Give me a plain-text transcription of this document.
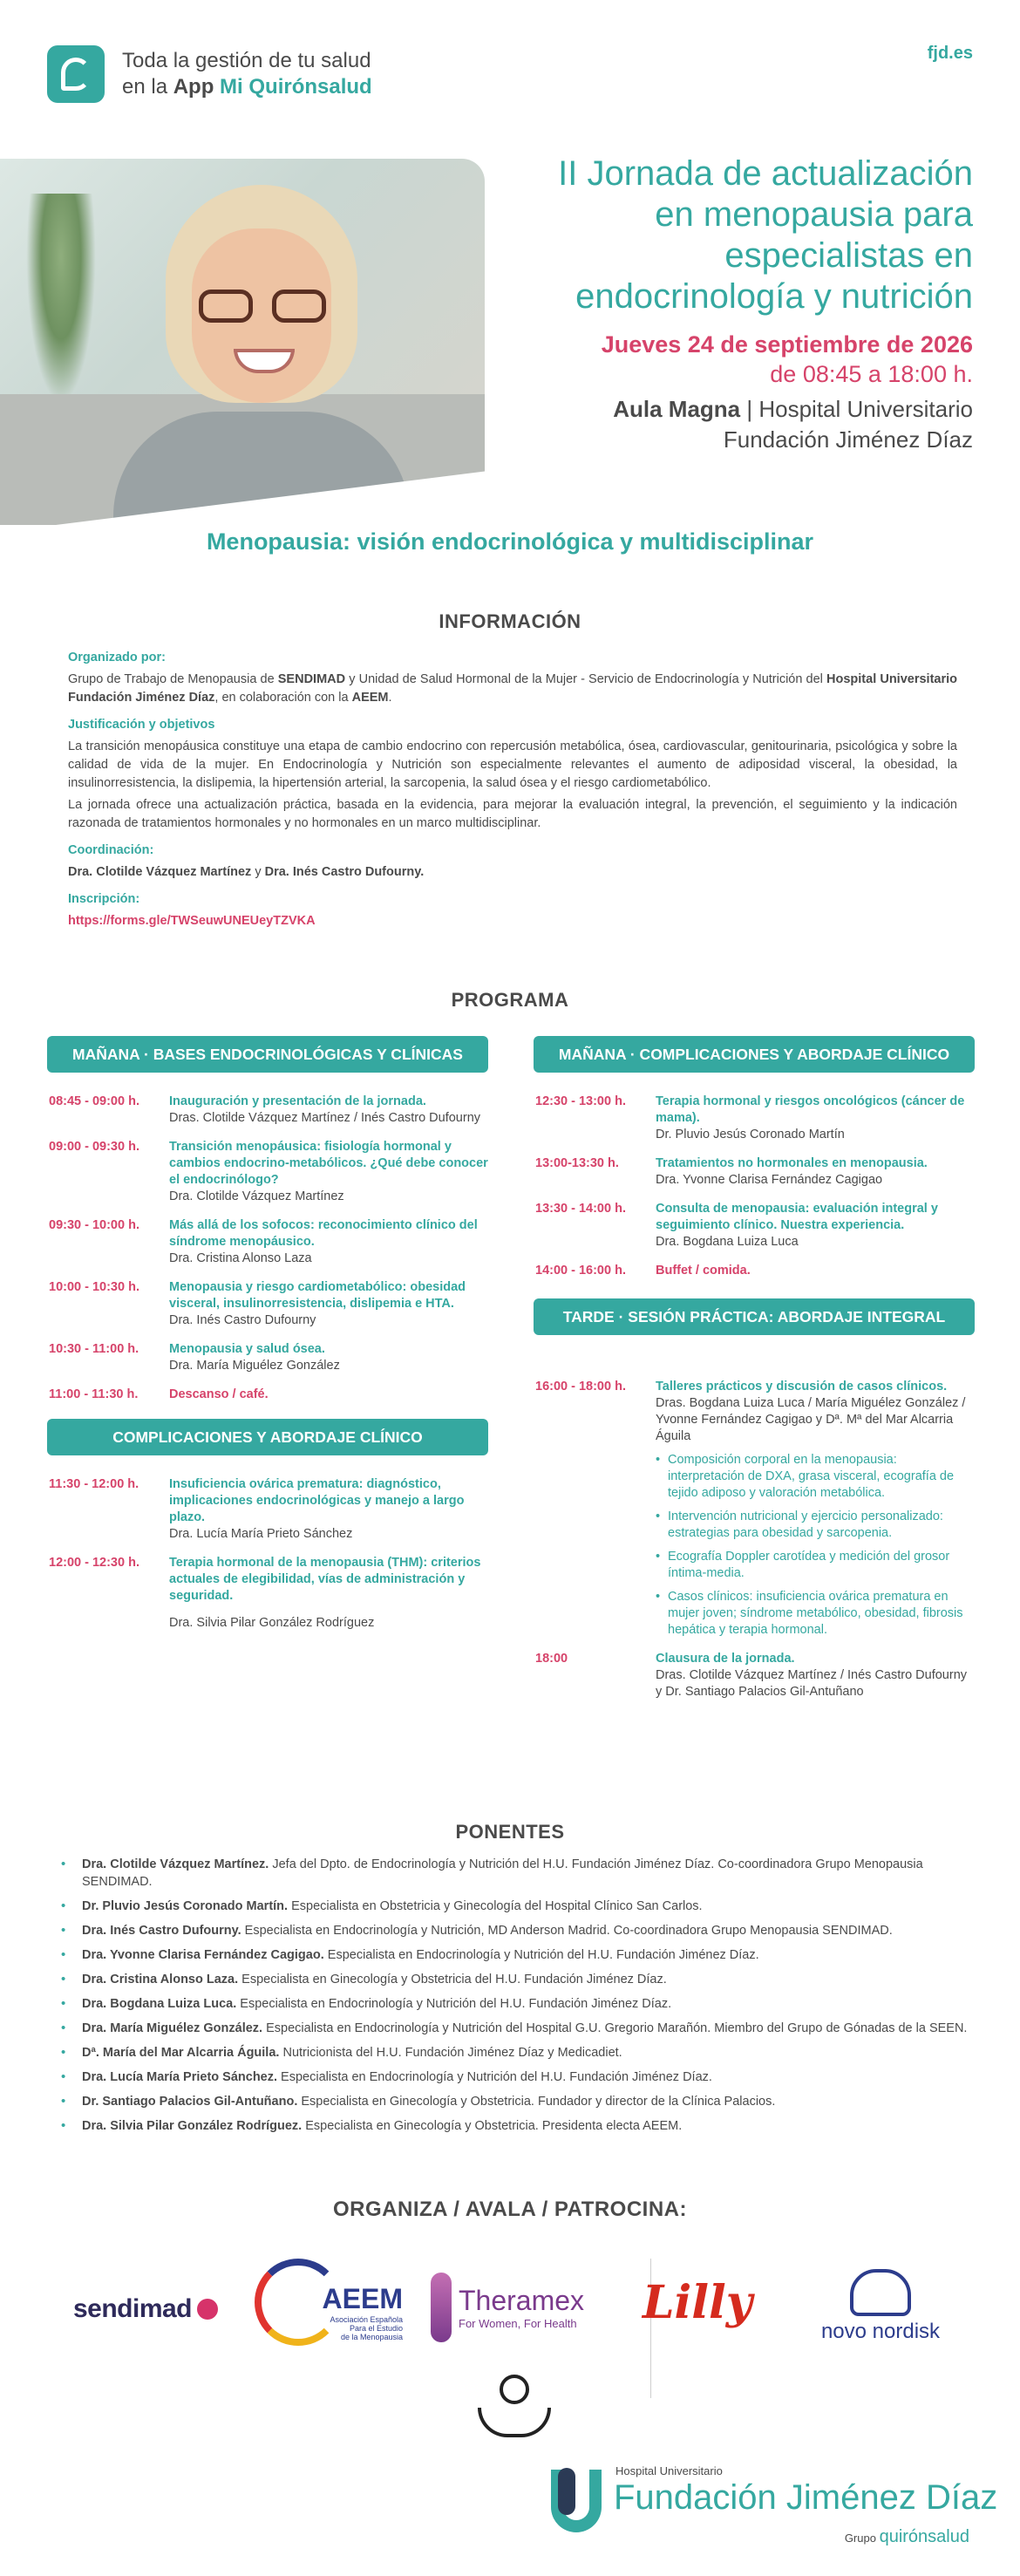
Toda la gestión de tu salud
en la App Mi Quirónsalud
fjd.es
II Jornada de actualización
en menopausia para
especialistas en
endocrinología y nutrición
Jueves 24 de septiembre de 2026
de 08:45 a 18:00 h.
Aula Magna | Hospital Universitario
Fundación Jiménez Díaz
Menopausia: visión endocrinológica y multidisciplinar
INFORMACIÓN
Organizado por:

Grupo de Trabajo de Menopausia de SENDIMAD y Unidad de Salud Hormonal de la Mujer - Servicio de Endocrinología y Nutrición del Hospital Universitario Fundación Jiménez Díaz, en colaboración con la AEEM.

Justificación y objetivos

La transición menopáusica constituye una etapa de cambio endocrino con repercusión metabólica, ósea, cardiovascular, genitourinaria, psicológica y sobre la calidad de vida de la mujer. En Endocrinología y Nutrición son especialmente relevantes el aumento de adiposidad visceral, la obesidad, la insulinorresistencia, la dislipemia, la hipertensión arterial, la sarcopenia, la salud ósea y el riesgo cardiometabólico.

La jornada ofrece una actualización práctica, basada en la evidencia, para mejorar la evaluación integral, la prevención, el seguimiento y la indicación razonada de tratamientos hormonales y no hormonales en un marco multidisciplinar.

Coordinación:

Dra. Clotilde Vázquez Martínez y Dra. Inés Castro Dufourny.

Inscripción:
https://forms.gle/TWSeuwUNEUeyTZVKA
PROGRAMA
MAÑANA · BASES ENDOCRINOLÓGICAS Y CLÍNICAS
08:45 - 09:00 h.	Inauguración y presentación de la jornada.
Dras. Clotilde Vázquez Martínez / Inés Castro Dufourny
09:00 - 09:30 h.	Transición menopáusica: fisiología hormonal y cambios endocrino-metabólicos. ¿Qué debe conocer el endocrinólogo?
Dra. Clotilde Vázquez Martínez
09:30 - 10:00 h.	Más allá de los sofocos: reconocimiento clínico del síndrome menopáusico.
Dra. Cristina Alonso Laza
10:00 - 10:30 h.	Menopausia y riesgo cardiometabólico: obesidad visceral, insulinorresistencia, dislipemia e HTA.
Dra. Inés Castro Dufourny
10:30 - 11:00 h.	Menopausia y salud ósea.
Dra. María Miguélez González
11:00 - 11:30 h.	Descanso / café.
COMPLICACIONES Y ABORDAJE CLÍNICO
11:30 - 12:00 h.	Insuficiencia ovárica prematura: diagnóstico, implicaciones endocrinológicas y manejo a largo plazo.
Dra. Lucía María Prieto Sánchez
12:00 - 12:30 h.	Terapia hormonal de la menopausia (THM): criterios actuales de elegibilidad, vías de administración y seguridad.
Dra. Silvia Pilar González Rodríguez
MAÑANA · COMPLICACIONES Y ABORDAJE CLÍNICO
12:30 - 13:00 h.	Terapia hormonal y riesgos oncológicos (cáncer de mama).
Dr. Pluvio Jesús Coronado Martín
13:00-13:30 h.	Tratamientos no hormonales en menopausia.
Dra. Yvonne Clarisa Fernández Cagigao
13:30 - 14:00 h.	Consulta de menopausia: evaluación integral y seguimiento clínico. Nuestra experiencia.
Dra. Bogdana Luiza Luca
14:00 - 16:00 h.	Buffet / comida.
TARDE · SESIÓN PRÁCTICA: ABORDAJE INTEGRAL
16:00 - 18:00 h.	Talleres prácticos y discusión de casos clínicos.
Dras. Bogdana Luiza Luca / María Miguélez González / Yvonne Fernández Cagigao y Dª. Mª del Mar Alcarria Águila
• Composición corporal en la menopausia: interpretación de DXA, grasa visceral, ecografía de tejido adiposo y valoración metabólica.
• Intervención nutricional y ejercicio personalizado: estrategias para obesidad y sarcopenia.
• Ecografía Doppler carotídea y medición del grosor íntima-media.
• Casos clínicos: insuficiencia ovárica prematura en mujer joven; síndrome metabólico, obesidad, fibrosis hepática y terapia hormonal.
18:00	Clausura de la jornada.
Dras. Clotilde Vázquez Martínez / Inés Castro Dufourny y Dr. Santiago Palacios Gil-Antuñano
PONENTES
• Dra. Clotilde Vázquez Martínez. Jefa del Dpto. de Endocrinología y Nutrición del H.U. Fundación Jiménez Díaz. Co-coordinadora Grupo Menopausia SENDIMAD.
• Dr. Pluvio Jesús Coronado Martín. Especialista en Obstetricia y Ginecología del Hospital Clínico San Carlos.
• Dra. Inés Castro Dufourny. Especialista en Endocrinología y Nutrición, MD Anderson Madrid. Co-coordinadora Grupo Menopausia SENDIMAD.
• Dra. Yvonne Clarisa Fernández Cagigao. Especialista en Endocrinología y Nutrición del H.U. Fundación Jiménez Díaz.
• Dra. Cristina Alonso Laza. Especialista en Ginecología y Obstetricia del H.U. Fundación Jiménez Díaz.
• Dra. Bogdana Luiza Luca. Especialista en Endocrinología y Nutrición del H.U. Fundación Jiménez Díaz.
• Dra. María Miguélez González. Especialista en Endocrinología y Nutrición del Hospital G.U. Gregorio Marañón. Miembro del Grupo de Gónadas de la SEEN.
• Dª. María del Mar Alcarria Águila. Nutricionista del H.U. Fundación Jiménez Díaz y Medicadiet.
• Dra. Lucía María Prieto Sánchez. Especialista en Endocrinología y Nutrición del H.U. Fundación Jiménez Díaz.
• Dr. Santiago Palacios Gil-Antuñano. Especialista en Ginecología y Obstetricia. Fundador y director de la Clínica Palacios.
• Dra. Silvia Pilar González Rodríguez. Especialista en Ginecología y Obstetricia. Presidenta electa AEEM.
ORGANIZA / AVALA / PATROCINA:
sendimad	AEEM
Asociación Española
Para el Estudio
de la Menopausia
Theramex
For Women, For Health Lilly
novo nordisk
Hospital Universitario
Fundación Jiménez Díaz
Grupo quirónsalud
